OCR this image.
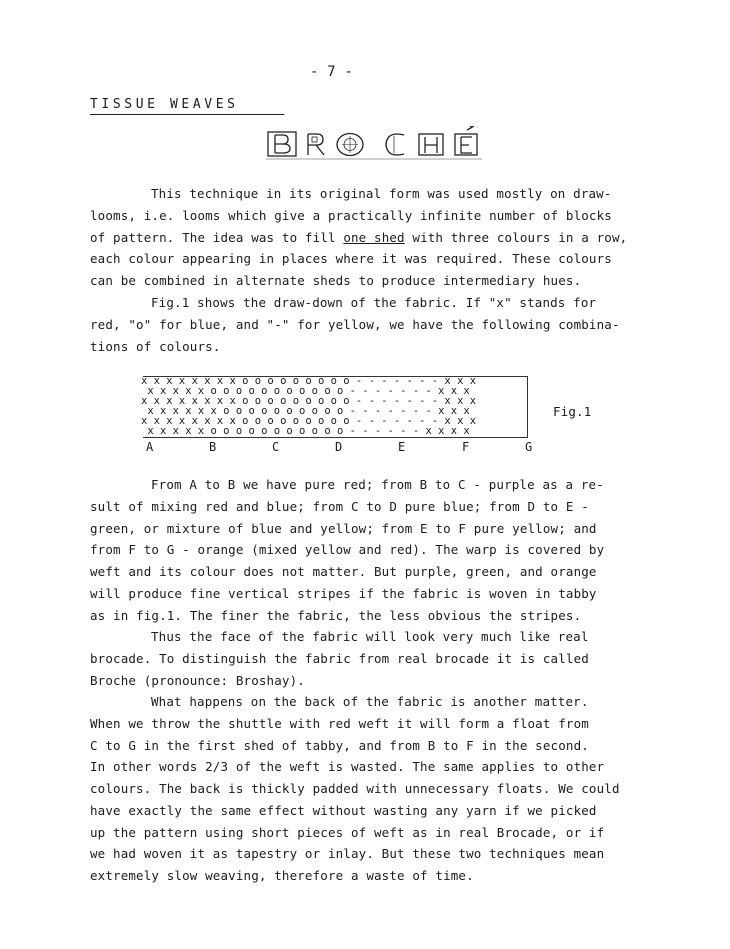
- 7 -
TISSUE WEAVES
This technique in its original form was used mostly on draw-
looms, i.e. looms which give a practically infinite number of blocks
of pattern. The idea was to fill one shed with three colours in a row,
each colour appearing in places where it was required. These colours
can be combined in alternate sheds to produce intermediary hues.
Fig.1 shows the draw-down of the fabric. If "x" stands for
red, "o" for blue, and "-" for yellow, we have the following combina-
tions of colours.
x x x x x x x x o o o o o o o o o - - - - - - - x x x
x x x x x o o o o o o o o o o o - - - - - - - x x x
x x x x x x x x o o o o o o o o o - - - - - - - x x x
x x x x x x o o o o o o o o o o - - - - - - - x x x
x x x x x x x x o o o o o o o o o - - - - - - - x x x
x x x x x o o o o o o o o o o o - - - - - - x x x x
Fig.1
A	B	C	D	E	F	G
From A to B we have pure red; from B to C - purple as a re-
sult of mixing red and blue; from C to D pure blue; from D to E -
green, or mixture of blue and yellow; from E to F pure yellow; and
from F to G - orange (mixed yellow and red). The warp is covered by
weft and its colour does not matter. But purple, green, and orange
will produce fine vertical stripes if the fabric is woven in tabby
as in fig.1. The finer the fabric, the less obvious the stripes.
Thus the face of the fabric will look very much like real
brocade. To distinguish the fabric from real brocade it is called
Broche (pronounce: Broshay).
What happens on the back of the fabric is another matter.
When we throw the shuttle with red weft it will form a float from
C to G in the first shed of tabby, and from B to F in the second.
In other words 2/3 of the weft is wasted. The same applies to other
colours. The back is thickly padded with unnecessary floats. We could
have exactly the same effect without wasting any yarn if we picked
up the pattern using short pieces of weft as in real Brocade, or if
we had woven it as tapestry or inlay. But these two techniques mean
extremely slow weaving, therefore a waste of time.
